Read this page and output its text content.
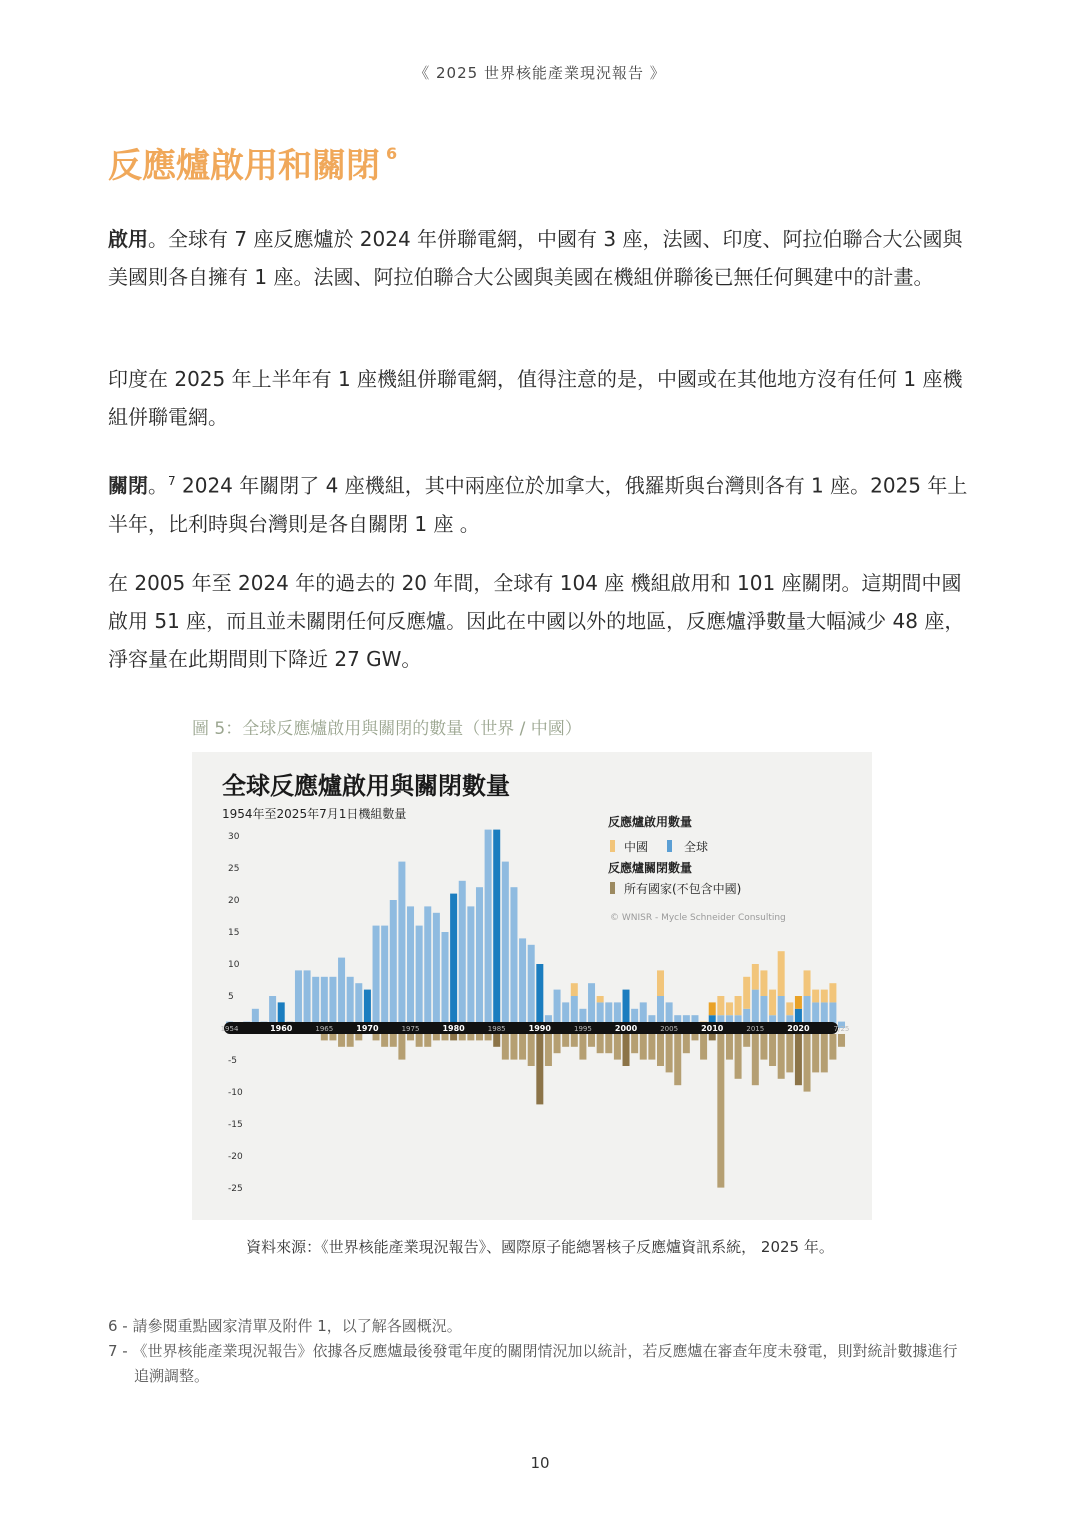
《 2025 世界核能產業現況報告 》
反應爐啟用和關閉 $^6$
啟用。全球有 7 座反應爐於 2024 年併聯電網，中國有 3 座，法國、印度、阿拉伯聯合大公國與美國則各自擁有 1 座。法國、阿拉伯聯合大公國與美國在機組併聯後已無任何興建中的計畫。
印度在 2025 年上半年有 1 座機組併聯電網，值得注意的是，中國或在其他地方沒有任何 1 座機組併聯電網。
關閉。$^7$ 2024 年關閉了 4 座機組，其中兩座位於加拿大，俄羅斯與台灣則各有 1 座。2025 年上半年，比利時與台灣則是各自關閉 1 座 。
在 2005 年至 2024 年的過去的 20 年間，全球有 104 座 機組啟用和 101 座關閉。這期間中國啟用 51 座，而且並未關閉任何反應爐。因此在中國以外的地區，反應爐淨數量大幅減少 48 座，淨容量在此期間則下降近 27 GW。
圖 5：全球反應爐啟用與關閉的數量（世界 / 中國）
全球反應爐啟用與關閉數量
1954年至2025年7月1日機組數量
30
25
20
15
10
5
-5
-10
-15
-20
-25
1954	1960	1965	1970	1975	1980	1985	1990	1995	2000	2005	2010	2015	2020	7/25
反應爐啟用數量
中國	全球
反應爐關閉數量
所有國家(不包含中國)
© WNISR - Mycle Schneider Consulting
資料來源：《世界核能產業現況報告》、國際原子能總署核子反應爐資訊系統， 2025 年。
6 - 請參閱重點國家清單及附件 1，以了解各國概況。
7 - 《世界核能產業現況報告》依據各反應爐最後發電年度的關閉情況加以統計，若反應爐在審查年度未發電，則對統計數據進行追溯調整。
10
